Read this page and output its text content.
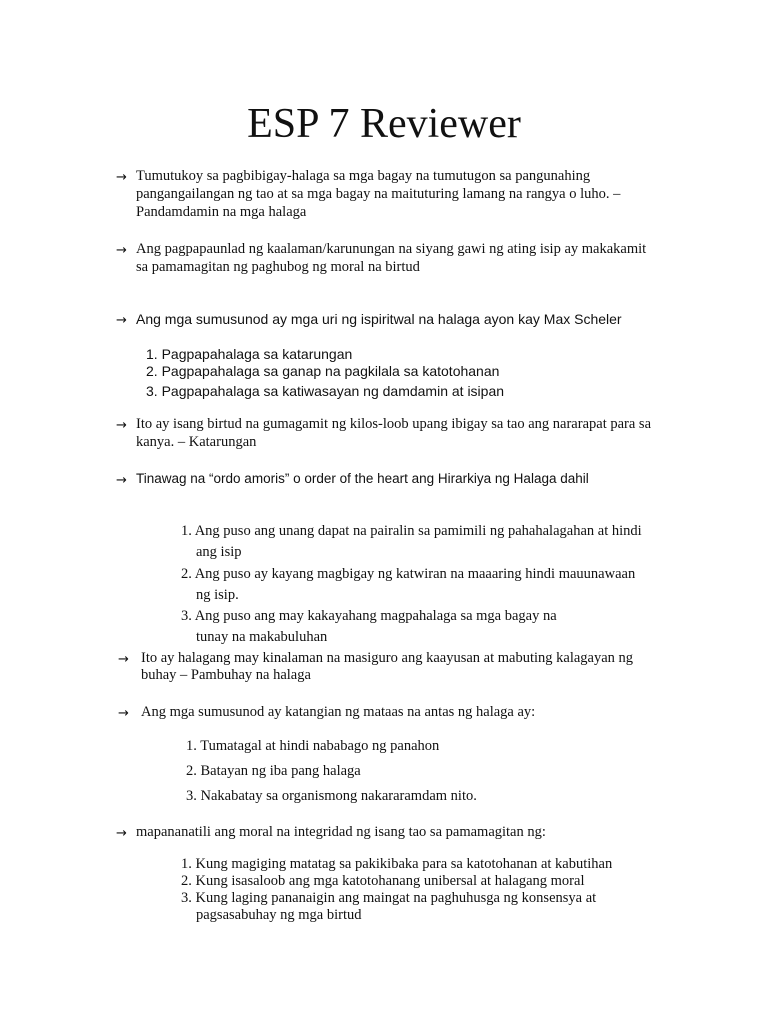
ESP 7 Reviewer
→ Tumutukoy sa pagbibigay-halaga sa mga bagay na tumutugon sa pangunahing
pangangailangan ng tao at sa mga bagay na maituturing lamang na rangya o luho. –
Pandamdamin na mga halaga
→ Ang pagpapaunlad ng kaalaman/karunungan na siyang gawi ng ating isip ay makakamit
sa pamamagitan ng paghubog ng moral na birtud
→ Ang mga sumusunod ay mga uri ng ispiritwal na halaga ayon kay Max Scheler
1. Pagpapahalaga sa katarungan
2. Pagpapahalaga sa ganap na pagkilala sa katotohanan
3. Pagpapahalaga sa katiwasayan ng damdamin at isipan
→ Ito ay isang birtud na gumagamit ng kilos-loob upang ibigay sa tao ang nararapat para sa
kanya. – Katarungan
→ Tinawag na “ordo amoris” o order of the heart ang Hirarkiya ng Halaga dahil
1. Ang puso ang unang dapat na pairalin sa pamimili ng pahahalagahan at hindi
ang isip
2. Ang puso ay kayang magbigay ng katwiran na maaaring hindi mauunawaan
ng isip.
3. Ang puso ang may kakayahang magpahalaga sa mga bagay na
tunay na makabuluhan
→ Ito ay halagang may kinalaman na masiguro ang kaayusan at mabuting kalagayan ng
buhay – Pambuhay na halaga
→ Ang mga sumusunod ay katangian ng mataas na antas ng halaga ay:
1. Tumatagal at hindi nababago ng panahon
2. Batayan ng iba pang halaga
3. Nakabatay sa organismong nakararamdam nito.
→ mapananatili ang moral na integridad ng isang tao sa pamamagitan ng:
1. Kung magiging matatag sa pakikibaka para sa katotohanan at kabutihan
2. Kung isasaloob ang mga katotohanang unibersal at halagang moral
3. Kung laging pananaigin ang maingat na paghuhusga ng konsensya at
pagsasabuhay ng mga birtud
